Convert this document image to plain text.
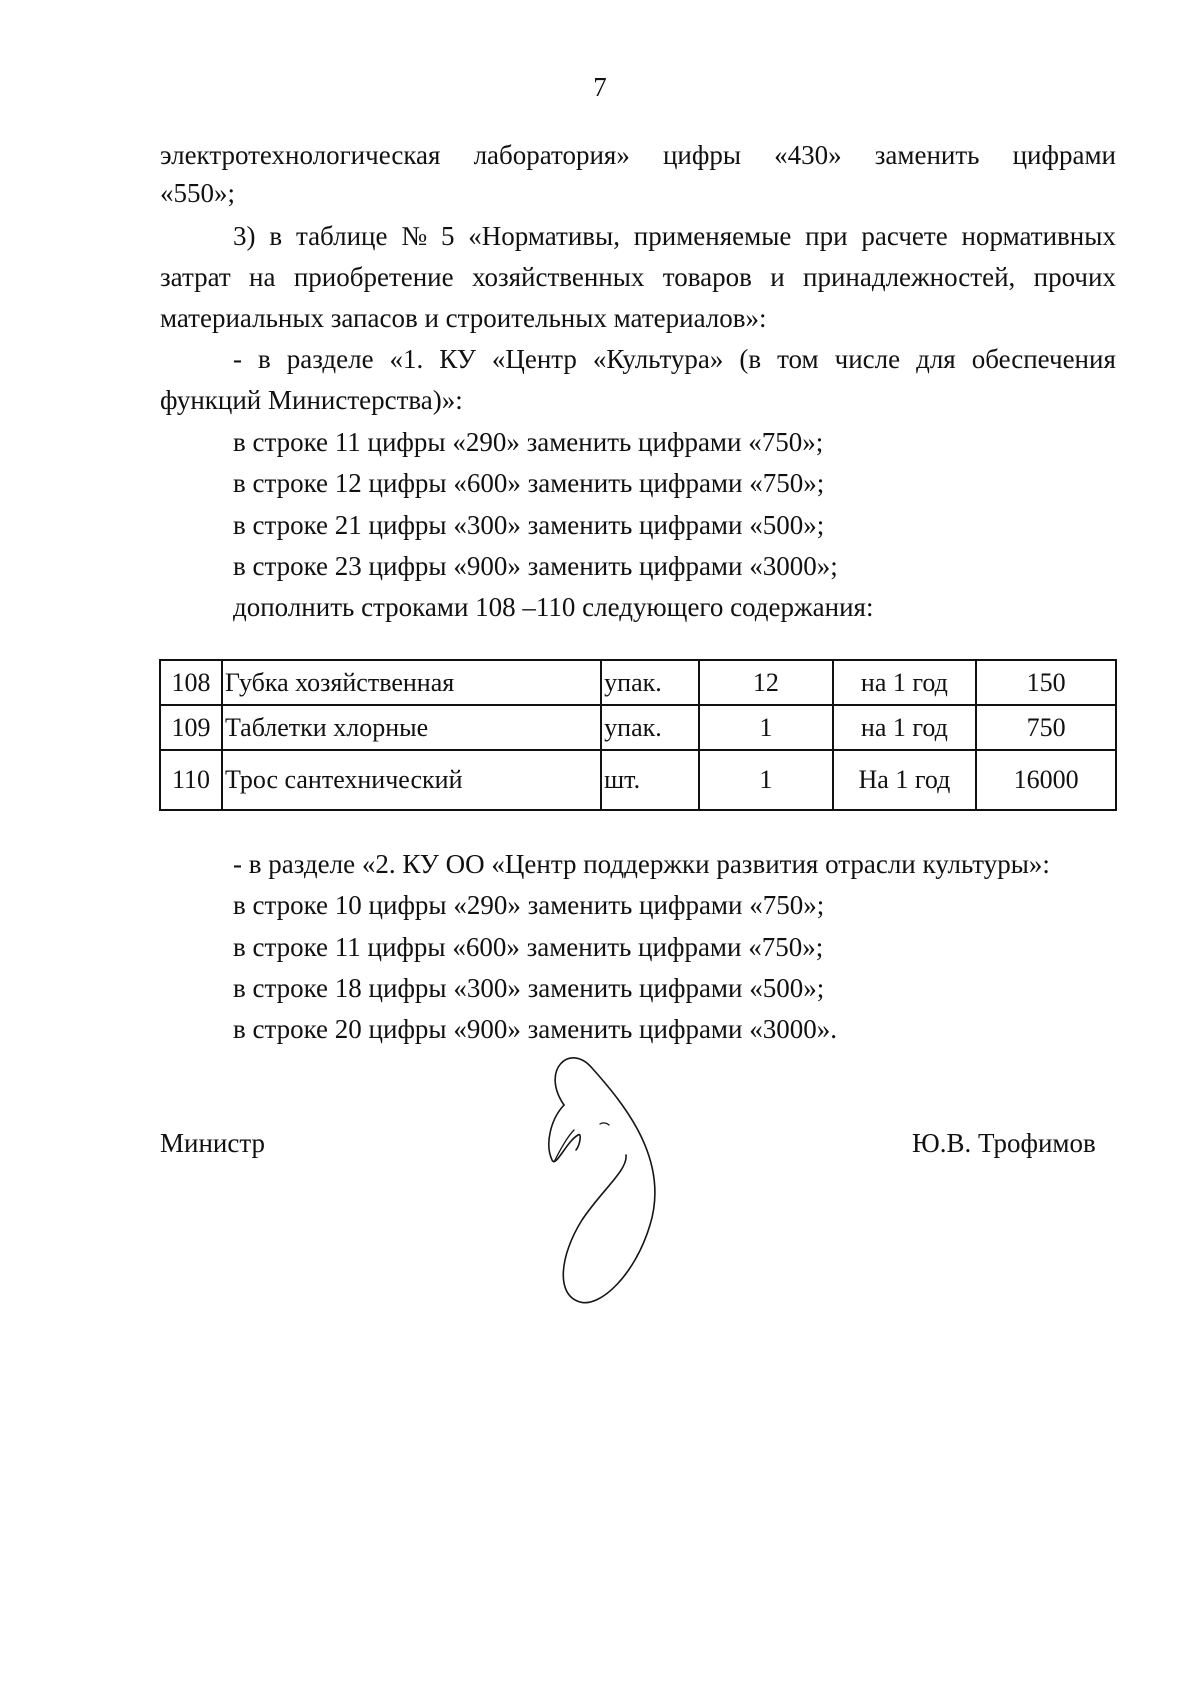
7
электротехнологическая лаборатория» цифры «430» заменить цифрами
«550»;
3) в таблице № 5 «Нормативы, применяемые при расчете нормативных
затрат на приобретение хозяйственных товаров и принадлежностей, прочих
материальных запасов и строительных материалов»:
- в разделе «1. КУ «Центр «Культура» (в том числе для обеспечения
функций Министерства)»:
в строке 11 цифры «290» заменить цифрами «750»;
в строке 12 цифры «600» заменить цифрами «750»;
в строке 21 цифры «300» заменить цифрами «500»;
в строке 23 цифры «900» заменить цифрами «3000»;
дополнить строками 108 –110 следующего содержания:
108	Губка хозяйственная	упак.	12	на 1 год	150
109	Таблетки хлорные	упак.	1	на 1 год	750
110	Трос сантехнический	шт.	1	На 1 год	16000
- в разделе «2. КУ ОО «Центр поддержки развития отрасли культуры»:
в строке 10 цифры «290» заменить цифрами «750»;
в строке 11 цифры «600» заменить цифрами «750»;
в строке 18 цифры «300» заменить цифрами «500»;
в строке 20 цифры «900» заменить цифрами «3000».
Министр	Ю.В. Трофимов
